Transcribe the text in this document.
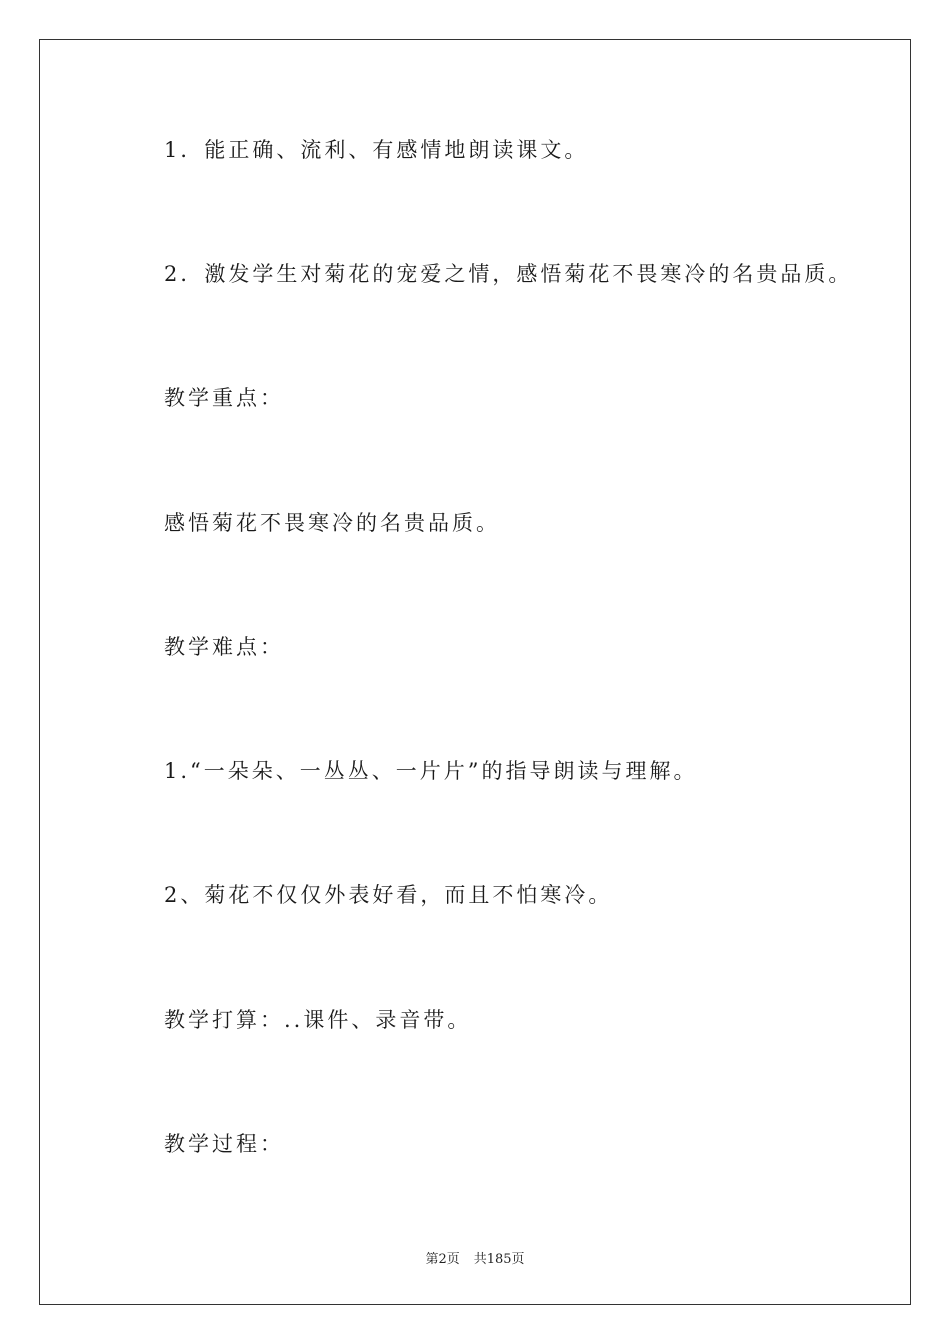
1．能正确、流利、有感情地朗读课文。
2．激发学生对菊花的宠爱之情，感悟菊花不畏寒冷的名贵品质。
教学重点：
感悟菊花不畏寒冷的名贵品质。
教学难点：
1.“一朵朵、一丛丛、一片片”的指导朗读与理解。
2、菊花不仅仅外表好看，而且不怕寒冷。
教学打算：..课件、录音带。
教学过程：
第2页 共185页
